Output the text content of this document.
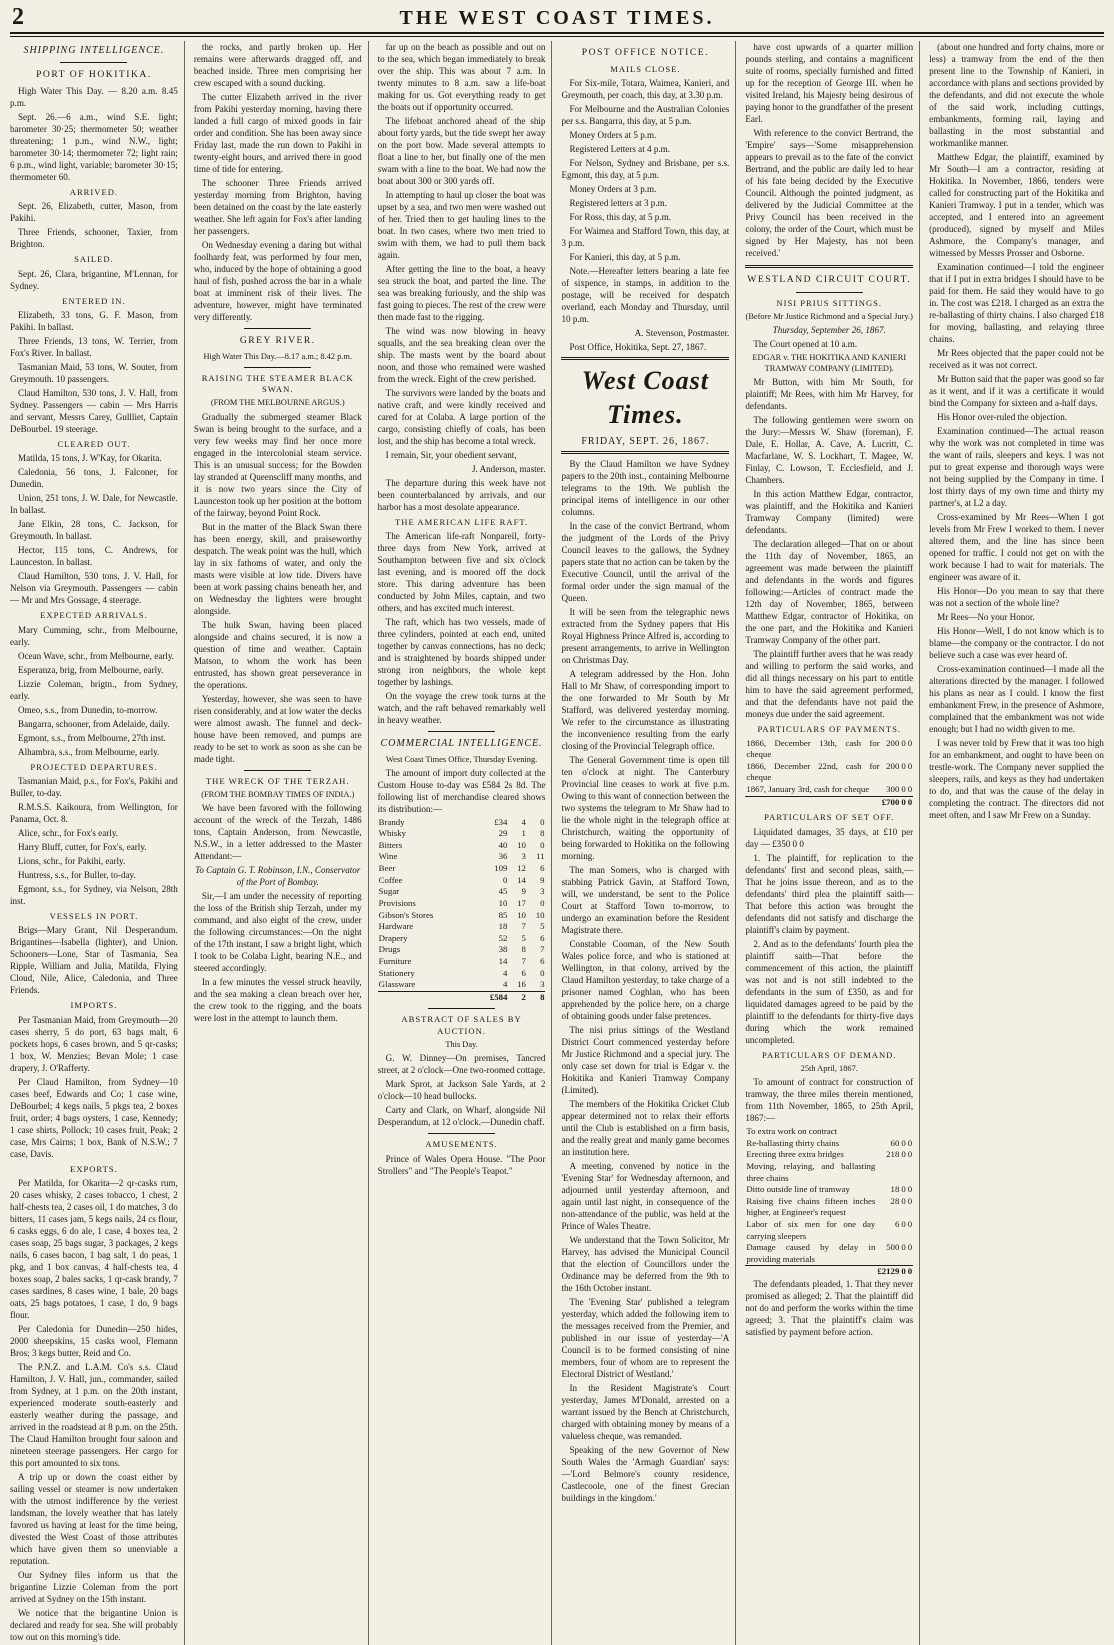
2	THE WEST COAST TIMES.
SHIPPING INTELLIGENCE.
PORT OF HOKITIKA.

High Water This Day. — 8.20 a.m. 8.45 p.m.

Sept. 26.—6 a.m., wind S.E. light; barometer 30·25; thermometer 50; weather threatening; 1 p.m., wind N.W., light; barometer 30·14; thermometer 72; light rain; 6 p.m., wind light, variable; barometer 30·15; thermometer 60.

ARRIVED.

Sept. 26, Elizabeth, cutter, Mason, from Pakihi.

Three Friends, schooner, Taxier, from Brighton.

SAILED.

Sept. 26, Clara, brigantine, M'Lennan, for Sydney.

ENTERED IN.

Elizabeth, 33 tons, G. F. Mason, from Pakihi. In ballast.

Three Friends, 13 tons, W. Terrier, from Fox's River. In ballast.

Tasmanian Maid, 53 tons, W. Souter, from Greymouth. 10 passengers.

Claud Hamilton, 530 tons, J. V. Hall, from Sydney. Passengers — cabin — Mrs Harris and servant, Messrs Carey, Gullliet, Captain DeBourbel. 19 steerage.

CLEARED OUT.

Matilda, 15 tons, J. W'Kay, for Okarita.

Caledonia, 56 tons, J. Falconer, for Dunedin.

Union, 251 tons, J. W. Dale, for Newcastle. In ballast.

Jane Elkin, 28 tons, C. Jackson, for Greymouth. In ballast.

Hector, 115 tons, C. Andrews, for Launceston. In ballast.

Claud Hamilton, 530 tons, J. V. Hall, for Nelson via Greymouth. Passengers — cabin — Mr and Mrs Gossage, 4 steerage.

EXPECTED ARRIVALS.

Mary Cumming, schr., from Melbourne, early.

Ocean Wave, schr., from Melbourne, early.

Esperanza, brig, from Melbourne, early.

Lizzie Coleman, brigtn., from Sydney, early.

Omeo, s.s., from Dunedin, to-morrow.

Bangarra, schooner, from Adelaide, daily.

Egmont, s.s., from Melbourne, 27th inst.

Alhambra, s.s., from Melbourne, early.

PROJECTED DEPARTURES.

Tasmanian Maid, p.s., for Fox's, Pakihi and Buller, to-day.

R.M.S.S. Kaikoura, from Wellington, for Panama, Oct. 8.

Alice, schr., for Fox's early.

Harry Bluff, cutter, for Fox's, early.

Lions, schr., for Pakihi, early.

Huntress, s.s., for Buller, to-day.

Egmont, s.s., for Sydney, via Nelson, 28th inst.

VESSELS IN PORT.

Brigs—Mary Grant, Nil Desperandum. Brigantines—Isabella (lighter), and Union. Schooners—Lone, Star of Tasmania, Sea Ripple, William and Julia, Matilda, Flying Cloud, Nile, Alice, Caledonia, and Three Friends.

IMPORTS.

Per Tasmanian Maid, from Greymouth—20 cases sherry, 5 do port, 63 bags malt, 6 pockets hops, 6 cases brown, and 5 qr-casks; 1 box, W. Menzies; Bevan Mole; 1 case drapery, J. O'Rafferty.

Per Claud Hamilton, from Sydney—10 cases beef, Edwards and Co; 1 case wine, DeBourbel; 4 kegs nails, 5 pkgs tea, 2 boxes fruit, order; 4 bags oysters, 1 case, Kennedy; 1 case shirts, Pollock; 10 cases fruit, Peak; 2 case, Mrs Cairns; 1 box, Bank of N.S.W.; 7 case, Davis.

EXPORTS.

Per Matilda, for Okarita—2 qr-casks rum, 20 cases whisky, 2 cases tobacco, 1 chest, 2 half-chests tea, 2 cases oil, 1 do matches, 3 do bitters, 11 cases jam, 5 kegs nails, 24 cs flour, 6 casks eggs, 6 do ale, 1 case, 4 boxes tea, 2 cases soap, 25 bags sugar, 3 packages, 2 kegs nails, 6 cases bacon, 1 bag salt, 1 do peas, 1 pkg, and 1 box canvas, 4 half-chests tea, 4 boxes soap, 2 bales sacks, 1 qr-cask brandy, 7 cases sardines, 8 cases wine, 1 bale, 20 bags oats, 25 bags potatoes, 1 case, 1 do, 9 bags flour.

Per Caledonia for Dunedin—250 hides, 2000 sheepskins, 15 casks wool, Flemann Bros; 3 kegs butter, Reid and Co.

The P.N.Z. and L.A.M. Co's s.s. Claud Hamilton, J. V. Hall, jun., commander, sailed from Sydney, at 1 p.m. on the 20th instant, experienced moderate south-easterly and easterly weather during the passage, and arrived in the roadstead at 8 p.m. on the 25th. The Claud Hamilton brought four saloon and nineteen steerage passengers. Her cargo for this port amounted to six tons.

A trip up or down the coast either by sailing vessel or steamer is now undertaken with the utmost indifference by the veriest landsman, the lovely weather that has lately favored us having at least for the time being, divested the West Coast of those attributes which have given them so unenviable a reputation.

Our Sydney files inform us that the brigantine Lizzie Coleman from the port arrived at Sydney on the 15th instant.

We notice that the brigantine Union is declared and ready for sea. She will probably tow out on this morning's tide.

the rocks, and partly broken up. Her remains were afterwards dragged off, and beached inside. Three men comprising her crew escaped with a sound ducking.

The cutter Elizabeth arrived in the river from Pakihi yesterday morning, having there landed a full cargo of mixed goods in fair order and condition. She has been away since Friday last, made the run down to Pakihi in twenty-eight hours, and arrived there in good time of tide for entering.

The schooner Three Friends arrived yesterday morning from Brighton, having been detained on the coast by the late easterly weather. She left again for Fox's after landing her passengers.

On Wednesday evening a daring but withal foolhardy feat, was performed by four men, who, induced by the hope of obtaining a good haul of fish, pushed across the bar in a whale boat at imminent risk of their lives. The adventure, however, might have terminated very differently.

GREY RIVER.

High Water This Day.—8.17 a.m.; 8.42 p.m.

RAISING THE STEAMER BLACK SWAN.

(FROM THE MELBOURNE ARGUS.)

Gradually the submerged steamer Black Swan is being brought to the surface, and a very few weeks may find her once more engaged in the intercolonial steam service. This is an unusual success; for the Bowden lay stranded at Queenscliff many months, and it is now two years since the City of Launceston took up her position at the bottom of the fairway, beyond Point Rock.

But in the matter of the Black Swan there has been energy, skill, and praiseworthy despatch. The weak point was the hull, which lay in six fathoms of water, and only the masts were visible at low tide. Divers have been at work passing chains beneath her, and on Wednesday the lighters were brought alongside.

The hulk Swan, having been placed alongside and chains secured, it is now a question of time and weather. Captain Matson, to whom the work has been entrusted, has shown great perseverance in the operations.

Yesterday, however, she was seen to have risen considerably, and at low water the decks were almost awash. The funnel and deck-house have been removed, and pumps are ready to be set to work as soon as she can be made tight.

THE WRECK OF THE TERZAH.

(FROM THE BOMBAY TIMES OF INDIA.)

We have been favored with the following account of the wreck of the Terzah, 1486 tons, Captain Anderson, from Newcastle, N.S.W., in a letter addressed to the Master Attendant:—

To Captain G. T. Robinson, I.N., Conservator of the Port of Bombay.

Sir,—I am under the necessity of reporting the loss of the British ship Terzah, under my command, and also eight of the crew, under the following circumstances:—On the night of the 17th instant, I saw a bright light, which I took to be Colaba Light, bearing N.E., and steered accordingly.

In a few minutes the vessel struck heavily, and the sea making a clean breach over her, the crew took to the rigging, and the boats were lost in the attempt to launch them.

far up on the beach as possible and out on to the sea, which began immediately to break over the ship. This was about 7 a.m. In twenty minutes to 8 a.m. saw a life-boat making for us. Got everything ready to get the boats out if opportunity occurred.

The lifeboat anchored ahead of the ship about forty yards, but the tide swept her away on the port bow. Made several attempts to float a line to her, but finally one of the men swam with a line to the boat. We had now the boat about 300 or 300 yards off.

In attempting to haul up closer the boat was upset by a sea, and two men were washed out of her. Tried then to get hauling lines to the boat. In two cases, where two men tried to swim with them, we had to pull them back again.

After getting the line to the boat, a heavy sea struck the boat, and parted the line. The sea was breaking furiously, and the ship was fast going to pieces. The rest of the crew were then made fast to the rigging.

The wind was now blowing in heavy squalls, and the sea breaking clean over the ship. The masts went by the board about noon, and those who remained were washed from the wreck. Eight of the crew perished.

The survivors were landed by the boats and native craft, and were kindly received and cared for at Colaba. A large portion of the cargo, consisting chiefly of coals, has been lost, and the ship has become a total wreck.

I remain, Sir, your obedient servant,

J. Anderson, master.

The departure during this week have not been counterbalanced by arrivals, and our harbor has a most desolate appearance.

THE AMERICAN LIFE RAFT.

The American life-raft Nonpareil, forty-three days from New York, arrived at Southampton between five and six o'clock last evening, and is moored off the dock store. This daring adventure has been conducted by John Miles, captain, and two others, and has excited much interest.

The raft, which has two vessels, made of three cylinders, pointed at each end, united together by canvas connections, has no deck; and is straightened by boards shipped under strong iron neighbors, the whole kept together by lashings.

On the voyage the crew took turns at the watch, and the raft behaved remarkably well in heavy weather.

COMMERCIAL INTELLIGENCE.

West Coast Times Office, Thursday Evening.

The amount of import duty collected at the Custom House to-day was £584 2s 8d. The following list of merchandise cleared shows its distribution:—

Brandy	£34	4	0
Whisky	29	1	8
Bitters	40	10	0
Wine	36	3	11
Beer	109	12	6
Coffee	0	14	9
Sugar	45	9	3
Provisions	10	17	0
Gibson's Stores	85	10	10
Hardware	18	7	5
Drapery	52	5	6
Drugs	38	8	7
Furniture	14	7	6
Stationery	4	6	0
Glassware	4	16	3
	£584	2	8
ABSTRACT OF SALES BY AUCTION.

This Day.

G. W. Dinney—On premises, Tancred street, at 2 o'clock—One two-roomed cottage.

Mark Sprot, at Jackson Sale Yards, at 2 o'clock—10 head bullocks.

Carty and Clark, on Wharf, alongside Nil Desperandum, at 12 o'clock.—Dunedin chaff.

AMUSEMENTS.

Prince of Wales Opera House. "The Poor Strollers" and "The People's Teapot."

POST OFFICE NOTICE.
MAILS CLOSE.

For Six-mile, Totara, Waimea, Kanieri, and Greymouth, per coach, this day, at 3.30 p.m.

For Melbourne and the Australian Colonies per s.s. Bangarra, this day, at 5 p.m.

Money Orders at 5 p.m.

Registered Letters at 4 p.m.

For Nelson, Sydney and Brisbane, per s.s. Egmont, this day, at 5 p.m.

Money Orders at 3 p.m.

Registered letters at 3 p.m.

For Ross, this day, at 5 p.m.

For Waimea and Stafford Town, this day, at 3 p.m.

For Kanieri, this day, at 5 p.m.

Note.—Hereafter letters bearing a late fee of sixpence, in stamps, in addition to the postage, will be received for despatch overland, each Monday and Thursday, until 10 p.m.

A. Stevenson, Postmaster.

Post Office, Hokitika, Sept. 27, 1867.

West Coast Times.
FRIDAY, SEPT. 26, 1867.

By the Claud Hamilton we have Sydney papers to the 20th inst., containing Melbourne telegrams to the 19th. We publish the principal items of intelligence in our other columns.

In the case of the convict Bertrand, whom the judgment of the Lords of the Privy Council leaves to the gallows, the Sydney papers state that no action can be taken by the Executive Council, until the arrival of the formal order under the sign manual of the Queen.

It will be seen from the telegraphic news extracted from the Sydney papers that His Royal Highness Prince Alfred is, according to present arrangements, to arrive in Wellington on Christmas Day.

A telegram addressed by the Hon. John Hall to Mr Shaw, of corresponding import to the one forwarded to Mr South by Mr Stafford, was delivered yesterday morning. We refer to the circumstance as illustrating the inconvenience resulting from the early closing of the Provincial Telegraph office.

The General Government time is open till ten o'clock at night. The Canterbury Provincial line ceases to work at five p.m. Owing to this want of connection between the two systems the telegram to Mr Shaw had to lie the whole night in the telegraph office at Christchurch, waiting the opportunity of being forwarded to Hokitika on the following morning.

The man Somers, who is charged with stabbing Patrick Gavin, at Stafford Town, will, we understand, be sent to the Police Court at Stafford Town to-morrow, to undergo an examination before the Resident Magistrate there.

Constable Cooman, of the New South Wales police force, and who is stationed at Wellington, in that colony, arrived by the Claud Hamilton yesterday, to take charge of a prisoner named Coghlan, who has been apprehended by the police here, on a charge of obtaining goods under false pretences.

The nisi prius sittings of the Westland District Court commenced yesterday before Mr Justice Richmond and a special jury. The only case set down for trial is Edgar v. the Hokitika and Kanieri Tramway Company (Limited).

The members of the Hokitika Cricket Club appear determined not to relax their efforts until the Club is established on a firm basis, and the really great and manly game becomes an institution here.

A meeting, convened by notice in the 'Evening Star' for Wednesday afternoon, and adjourned until yesterday afternoon, and again until last night, in consequence of the non-attendance of the public, was held at the Prince of Wales Theatre.

We understand that the Town Solicitor, Mr Harvey, has advised the Municipal Council that the election of Councillors under the Ordinance may be deferred from the 9th to the 16th October instant.

The 'Evening Star' published a telegram yesterday, which added the following item to the messages received from the Premier, and published in our issue of yesterday—'A Council is to be formed consisting of nine members, four of whom are to represent the Electoral District of Westland.'

In the Resident Magistrate's Court yesterday, James M'Donald, arrested on a warrant issued by the Bench at Christchurch, charged with obtaining money by means of a valueless cheque, was remanded.

Speaking of the new Governor of New South Wales the 'Armagh Guardian' says:—'Lord Belmore's county residence, Castlecoole, one of the finest Grecian buildings in the kingdom.'

have cost upwards of a quarter million pounds sterling, and contains a magnificent suite of rooms, specially furnished and fitted up for the reception of George III. when he visited Ireland, his Majesty being desirous of paying honor to the grandfather of the present Earl.

With reference to the convict Bertrand, the 'Empire' says—'Some misapprehension appears to prevail as to the fate of the convict Bertrand, and the public are daily led to hear of his fate being decided by the Executive Council. Although the pointed judgment, as delivered by the Judicial Committee at the Privy Council has been received in the colony, the order of the Court, which must be signed by Her Majesty, has not been received.'

WESTLAND CIRCUIT COURT.
NISI PRIUS SITTINGS.

(Before Mr Justice Richmond and a Special Jury.)

Thursday, September 26, 1867.

The Court opened at 10 a.m.

EDGAR v. THE HOKITIKA AND KANIERI TRAMWAY COMPANY (LIMITED).

Mr Button, with him Mr South, for plaintiff; Mr Rees, with him Mr Harvey, for defendants.

The following gentlemen were sworn on the Jury:—Messrs W. Shaw (foreman), F. Dale, E. Hollar, A. Cave, A. Lucritt, C. Macfarlane, W. S. Lockhart, T. Magee, W. Finlay, C. Lowson, T. Ecclesfield, and J. Chambers.

In this action Matthew Edgar, contractor, was plaintiff, and the Hokitika and Kanieri Tramway Company (limited) were defendants.

The declaration alleged—That on or about the 11th day of November, 1865, an agreement was made between the plaintiff and defendants in the words and figures following:—Articles of contract made the 12th day of November, 1865, between Matthew Edgar, contractor of Hokitika, on the one part, and the Hokitika and Kanieri Tramway Company of the other part.

The plaintiff further avers that he was ready and willing to perform the said works, and did all things necessary on his part to entitle him to have the said agreement performed, and that the defendants have not paid the moneys due under the said agreement.

PARTICULARS OF PAYMENTS.
1866, December 13th, cash for cheque	200	0	0
1866, December 22nd, cash for cheque	200	0	0
1867, January 3rd, cash for cheque	300	0	0
	£700	0	0
PARTICULARS OF SET OFF.

Liquidated damages, 35 days, at £10 per day — £350 0 0

1. The plaintiff, for replication to the defendants' first and second pleas, saith,—That he joins issue thereon, and as to the defendants' third plea the plaintiff saith—That before this action was brought the defendants did not satisfy and discharge the plaintiff's claim by payment.

2. And as to the defendants' fourth plea the plaintiff saith—That before the commencement of this action, the plaintiff was not and is not still indebted to the defendants in the sum of £350, as and for liquidated damages agreed to be paid by the plaintiff to the defendants for thirty-five days during which the work remained uncompleted.

PARTICULARS OF DEMAND.

25th April, 1867.

To amount of contract for construction of tramway, the three miles therein mentioned, from 11th November, 1865, to 25th April, 1867:—

To extra work on contract			
Re-ballasting thirty chains	60	0	0
Erecting three extra bridges	218	0	0
Moving, relaying, and ballasting three chains			
Ditto outside line of tramway	18	0	0
Raising five chains fifteen inches higher, at Engineer's request	28	0	0
Labor of six men for one day carrying sleepers	6	0	0
Damage caused by delay in providing materials	500	0	0
	£2129	0	0

The defendants pleaded, 1. That they never promised as alleged; 2. That the plaintiff did not do and perform the works within the time agreed; 3. That the plaintiff's claim was satisfied by payment before action.

(about one hundred and forty chains, more or less) a tramway from the end of the then present line to the Township of Kanieri, in accordance with plans and sections provided by the defendants, and did not execute the whole of the said work, including cuttings, embankments, forming rail, laying and ballasting in the most substantial and workmanlike manner.

Matthew Edgar, the plaintiff, examined by Mr South—I am a contractor, residing at Hokitika. In November, 1866, tenders were called for constructing part of the Hokitika and Kanieri Tramway. I put in a tender, which was accepted, and I entered into an agreement (produced), signed by myself and Miles Ashmore, the Company's manager, and witnessed by Messrs Prosser and Osborne.

Examination continued—I told the engineer that if I put in extra bridges I should have to be paid for them. He said they would have to go in. The cost was £218. I charged as an extra the re-ballasting of thirty chains. I also charged £18 for moving, ballasting, and relaying three chains.

Mr Rees objected that the paper could not be received as it was not correct.

Mr Button said that the paper was good so far as it went, and if it was a certificate it would bind the Company for sixteen and a-half days.

His Honor over-ruled the objection.

Examination continued—The actual reason why the work was not completed in time was the want of rails, sleepers and keys. I was not put to great expense and thorough ways were not being supplied by the Company in time. I lost thirty days of my own time and thirty my partner's, at L2 a day.

Cross-examined by Mr Rees—When I got levels from Mr Frew I worked to them. I never altered them, and the line has since been opened for traffic. I could not get on with the work because I had to wait for materials. The engineer was aware of it.

His Honor—Do you mean to say that there was not a section of the whole line?

Mr Rees—No your Honor.

His Honor—Well, I do not know which is to blame—the company or the contractor. I do not believe such a case was ever heard of.

Cross-examination continued—I made all the alterations directed by the manager. I followed his plans as near as I could. I know the first embankment Frew, in the presence of Ashmore, complained that the embankment was not wide enough; but I had no width given to me.

I was never told by Frew that it was too high for an embankment, and ought to have been on trestle-work. The Company never supplied the sleepers, rails, and keys as they had undertaken to do, and that was the cause of the delay in completing the contract. The directors did not meet often, and I saw Mr Frew on a Sunday.
